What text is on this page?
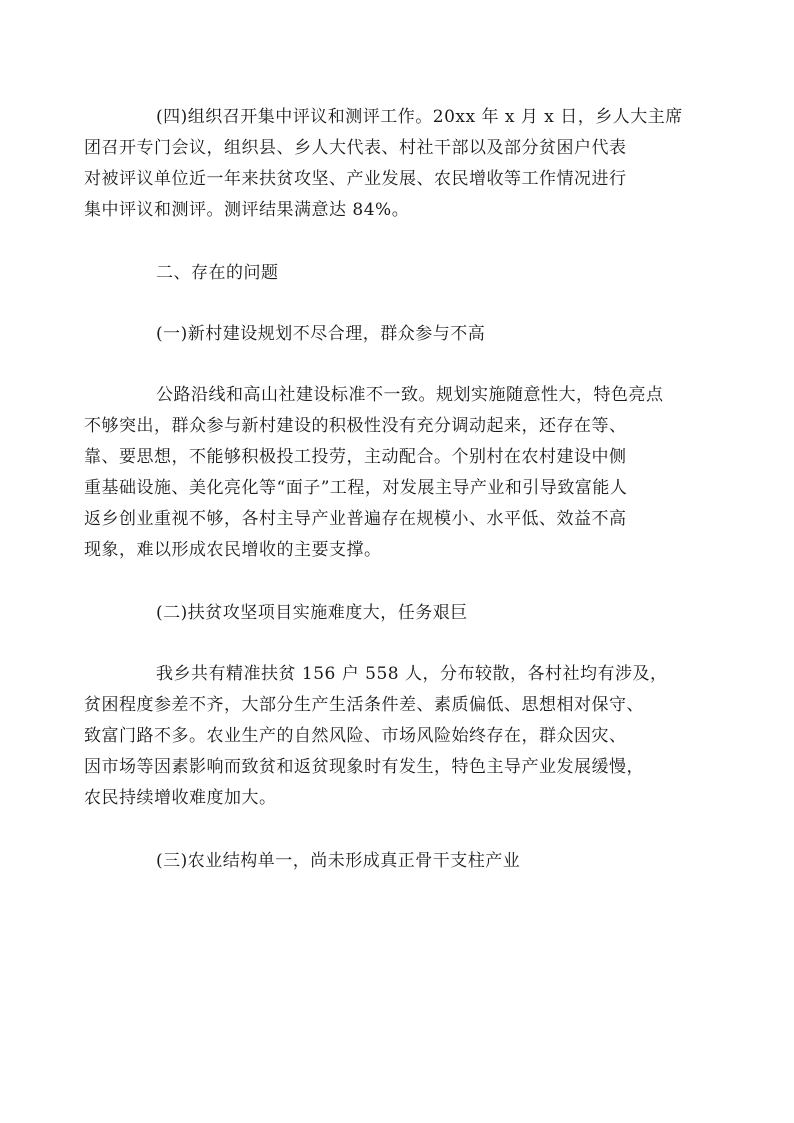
(四)组织召开集中评议和测评工作。20xx 年 x 月 x 日，乡人大主席
团召开专门会议，组织县、乡人大代表、村社干部以及部分贫困户代表
对被评议单位近一年来扶贫攻坚、产业发展、农民增收等工作情况进行
集中评议和测评。测评结果满意达 84%。

二、存在的问题

(一)新村建设规划不尽合理，群众参与不高

公路沿线和高山社建设标准不一致。规划实施随意性大，特色亮点
不够突出，群众参与新村建设的积极性没有充分调动起来，还存在等、
靠、要思想，不能够积极投工投劳，主动配合。个别村在农村建设中侧
重基础设施、美化亮化等“面子”工程，对发展主导产业和引导致富能人
返乡创业重视不够，各村主导产业普遍存在规模小、水平低、效益不高
现象，难以形成农民增收的主要支撑。

(二)扶贫攻坚项目实施难度大，任务艰巨

我乡共有精准扶贫 156 户 558 人，分布较散，各村社均有涉及，
贫困程度参差不齐，大部分生产生活条件差、素质偏低、思想相对保守、
致富门路不多。农业生产的自然风险、市场风险始终存在，群众因灾、
因市场等因素影响而致贫和返贫现象时有发生，特色主导产业发展缓慢，
农民持续增收难度加大。

(三)农业结构单一，尚未形成真正骨干支柱产业
